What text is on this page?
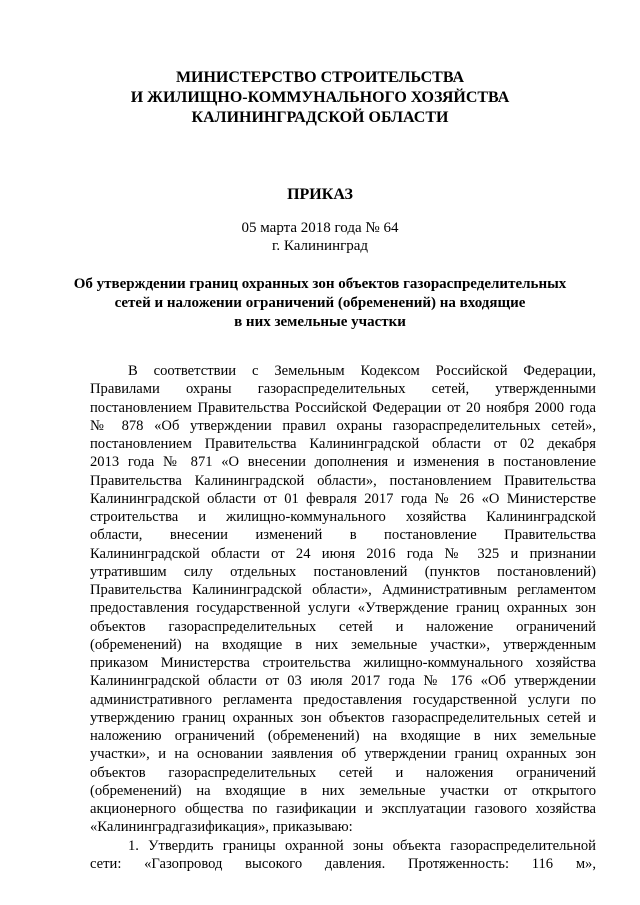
МИНИСТЕРСТВО СТРОИТЕЛЬСТВА
И ЖИЛИЩНО-КОММУНАЛЬНОГО ХОЗЯЙСТВА
КАЛИНИНГРАДСКОЙ ОБЛАСТИ
ПРИКАЗ
05 марта 2018 года № 64
г. Калининград
Об утверждении границ охранных зон объектов газораспределительных
сетей и наложении ограничений (обременений) на входящие
в них земельные участки
В соответствии с Земельным Кодексом Российской Федерации,
Правилами охраны газораспределительных сетей, утвержденными
постановлением Правительства Российской Федерации от 20 ноября 2000 года
№ 878 «Об утверждении правил охраны газораспределительных сетей»,
постановлением Правительства Калининградской области от 02 декабря
2013 года № 871 «О внесении дополнения и изменения в постановление
Правительства Калининградской области», постановлением Правительства
Калининградской области от 01 февраля 2017 года № 26 «О Министерстве
строительства и жилищно-коммунального хозяйства Калининградской
области, внесении изменений в постановление Правительства
Калининградской области от 24 июня 2016 года № 325 и признании
утратившим силу отдельных постановлений (пунктов постановлений)
Правительства Калининградской области», Административным регламентом
предоставления государственной услуги «Утверждение границ охранных зон
объектов газораспределительных сетей и наложение ограничений
(обременений) на входящие в них земельные участки», утвержденным
приказом Министерства строительства жилищно-коммунального хозяйства
Калининградской области от 03 июля 2017 года № 176 «Об утверждении
административного регламента предоставления государственной услуги по
утверждению границ охранных зон объектов газораспределительных сетей и
наложению ограничений (обременений) на входящие в них земельные
участки», и на основании заявления об утверждении границ охранных зон
объектов газораспределительных сетей и наложения ограничений
(обременений) на входящие в них земельные участки от открытого
акционерного общества по газификации и эксплуатации газового хозяйства
«Калининградгазификация», приказываю:
1. Утвердить границы охранной зоны объекта газораспределительной
сети: «Газопровод высокого давления. Протяженность: 116 м»,
